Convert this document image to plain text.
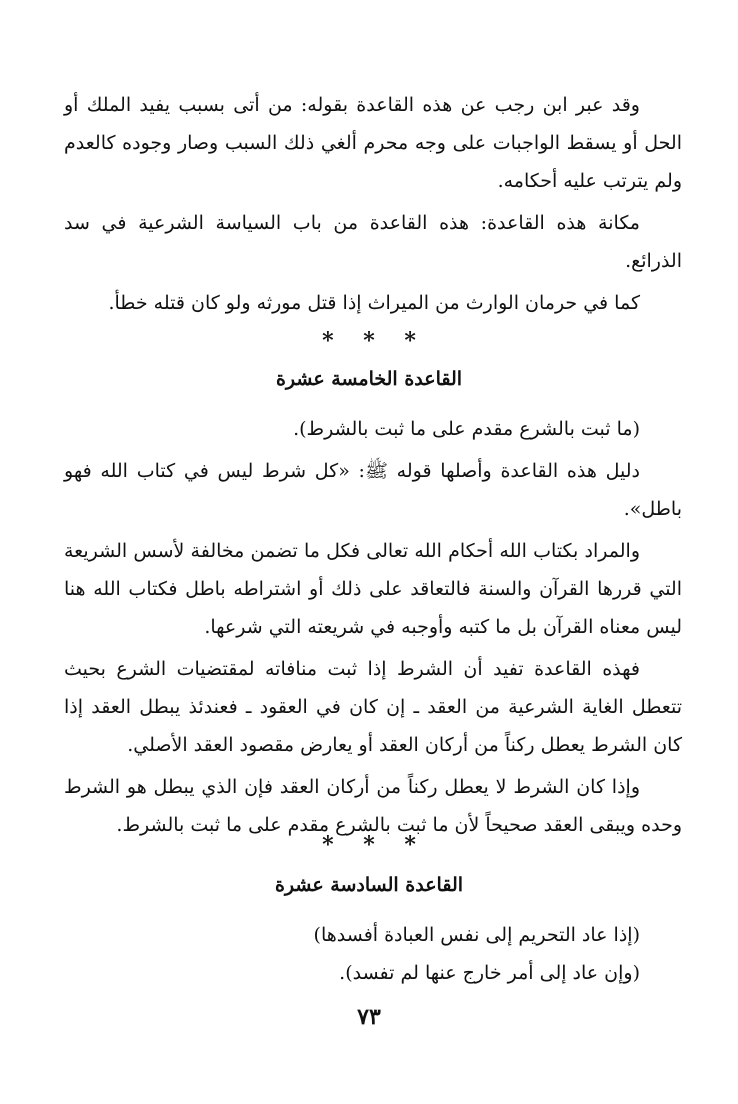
وقد عبر ابن رجب عن هذه القاعدة بقوله: من أتى بسبب يفيد الملك أو الحل أو يسقط الواجبات على وجه محرم ألغي ذلك السبب وصار وجوده كالعدم ولم يترتب عليه أحكامه.

مكانة هذه القاعدة: هذه القاعدة من باب السياسة الشرعية في سد الذرائع.

كما في حرمان الوارث من الميراث إذا قتل مورثه ولو كان قتله خطأ.

* * *
القاعدة الخامسة عشرة

(ما ثبت بالشرع مقدم على ما ثبت بالشرط).

دليل هذه القاعدة وأصلها قوله ﷺ: «كل شرط ليس في كتاب الله فهو باطل».

والمراد بكتاب الله أحكام الله تعالى فكل ما تضمن مخالفة لأسس الشريعة التي قررها القرآن والسنة فالتعاقد على ذلك أو اشتراطه باطل فكتاب الله هنا ليس معناه القرآن بل ما كتبه وأوجبه في شريعته التي شرعها.

فهذه القاعدة تفيد أن الشرط إذا ثبت منافاته لمقتضيات الشرع بحيث تتعطل الغاية الشرعية من العقد ـ إن كان في العقود ـ فعندئذ يبطل العقد إذا كان الشرط يعطل ركناً من أركان العقد أو يعارض مقصود العقد الأصلي.

وإذا كان الشرط لا يعطل ركناً من أركان العقد فإن الذي يبطل هو الشرط وحده ويبقى العقد صحيحاً لأن ما ثبت بالشرع مقدم على ما ثبت بالشرط.

* * *
القاعدة السادسة عشرة

(إذا عاد التحريم إلى نفس العبادة أفسدها)

(وإن عاد إلى أمر خارج عنها لم تفسد).

٧٣
